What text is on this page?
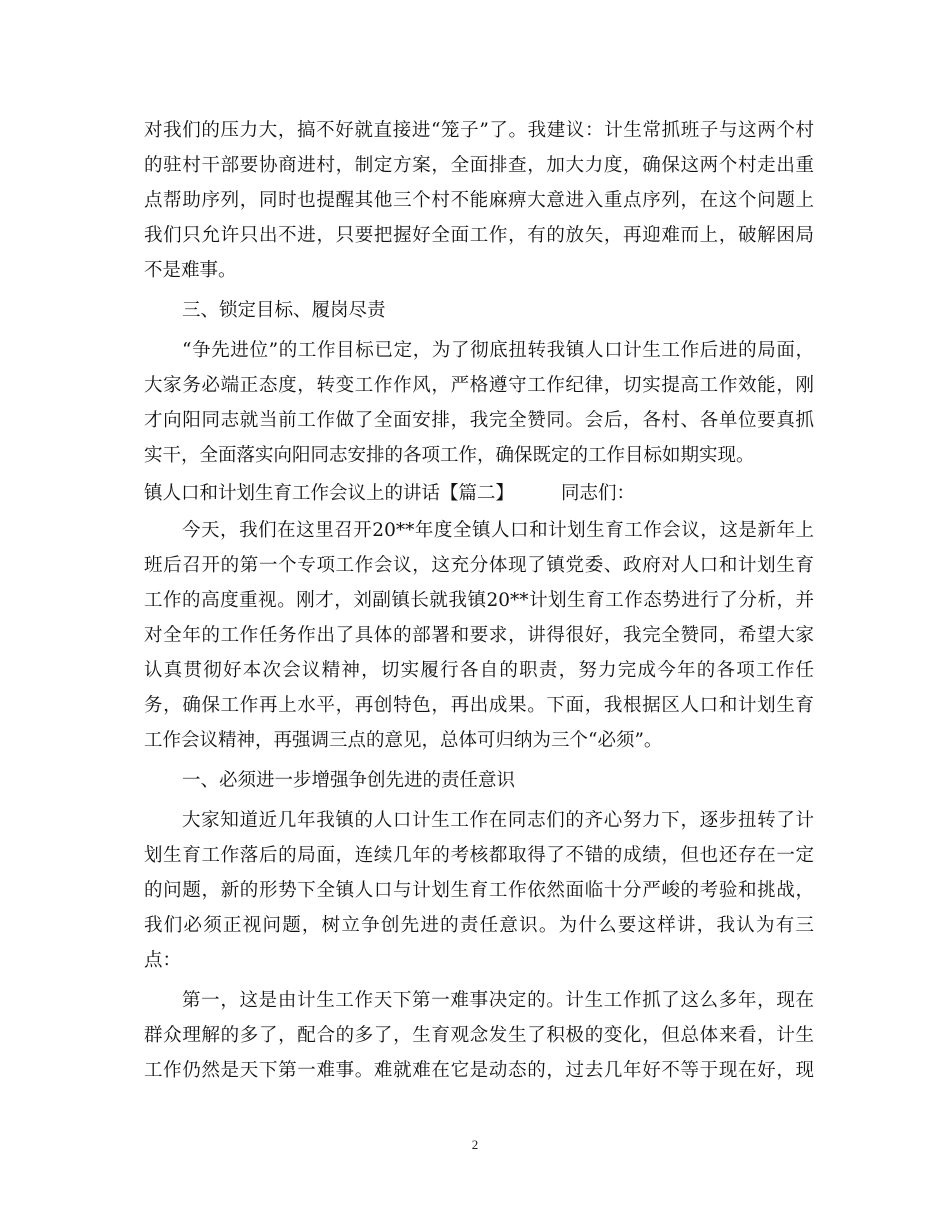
对我们的压力大，搞不好就直接进“笼子”了。我建议：计生常抓班子与这两个村
的驻村干部要协商进村，制定方案，全面排查，加大力度，确保这两个村走出重
点帮助序列，同时也提醒其他三个村不能麻痹大意进入重点序列，在这个问题上
我们只允许只出不进，只要把握好全面工作，有的放矢，再迎难而上，破解困局
不是难事。
三、锁定目标、履岗尽责
“争先进位”的工作目标已定，为了彻底扭转我镇人口计生工作后进的局面，
大家务必端正态度，转变工作作风，严格遵守工作纪律，切实提高工作效能，刚
才向阳同志就当前工作做了全面安排，我完全赞同。会后，各村、各单位要真抓
实干，全面落实向阳同志安排的各项工作，确保既定的工作目标如期实现。
镇人口和计划生育工作会议上的讲话【篇二】        同志们：
今天，我们在这里召开20**年度全镇人口和计划生育工作会议，这是新年上
班后召开的第一个专项工作会议，这充分体现了镇党委、政府对人口和计划生育
工作的高度重视。刚才，刘副镇长就我镇20**计划生育工作态势进行了分析，并
对全年的工作任务作出了具体的部署和要求，讲得很好，我完全赞同，希望大家
认真贯彻好本次会议精神，切实履行各自的职责，努力完成今年的各项工作任
务，确保工作再上水平，再创特色，再出成果。下面，我根据区人口和计划生育
工作会议精神，再强调三点的意见，总体可归纳为三个“必须”。
一、必须进一步增强争创先进的责任意识
大家知道近几年我镇的人口计生工作在同志们的齐心努力下，逐步扭转了计
划生育工作落后的局面，连续几年的考核都取得了不错的成绩，但也还存在一定
的问题，新的形势下全镇人口与计划生育工作依然面临十分严峻的考验和挑战，
我们必须正视问题，树立争创先进的责任意识。为什么要这样讲，我认为有三
点：
第一，这是由计生工作天下第一难事决定的。计生工作抓了这么多年，现在
群众理解的多了，配合的多了，生育观念发生了积极的变化，但总体来看，计生
工作仍然是天下第一难事。难就难在它是动态的，过去几年好不等于现在好，现
2
